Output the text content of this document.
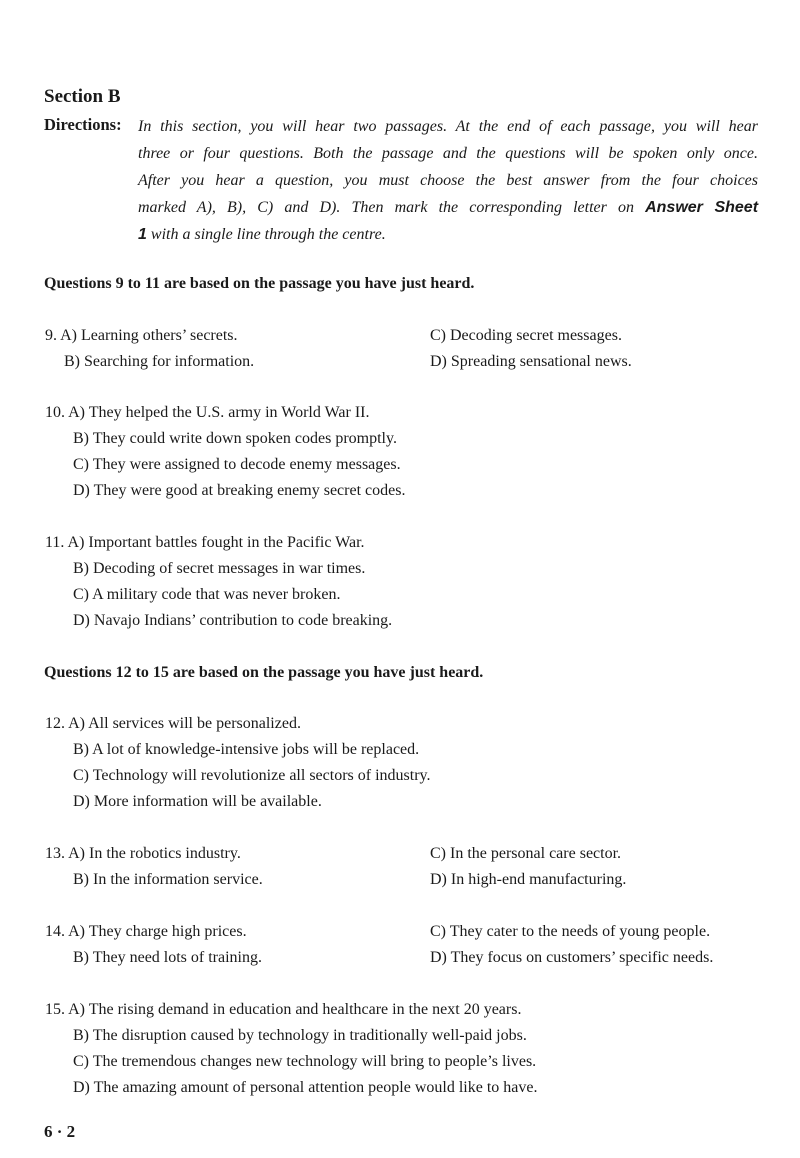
Section B
Directions: In this section, you will hear two passages. At the end of each passage, you will hear
three or four questions. Both the passage and the questions will be spoken only once.
After you hear a question, you must choose the best answer from the four choices
marked A), B), C) and D). Then mark the corresponding letter on Answer Sheet
1 with a single line through the centre.
Questions 9 to 11 are based on the passage you have just heard.
9. A) Learning others’ secrets.
B) Searching for information.
C) Decoding secret messages.
D) Spreading sensational news.
10. A) They helped the U.S. army in World War II.
B) They could write down spoken codes promptly.
C) They were assigned to decode enemy messages.
D) They were good at breaking enemy secret codes.
11. A) Important battles fought in the Pacific War.
B) Decoding of secret messages in war times.
C) A military code that was never broken.
D) Navajo Indians’ contribution to code breaking.
Questions 12 to 15 are based on the passage you have just heard.
12. A) All services will be personalized.
B) A lot of knowledge-intensive jobs will be replaced.
C) Technology will revolutionize all sectors of industry.
D) More information will be available.
13. A) In the robotics industry.
B) In the information service.
C) In the personal care sector.
D) In high-end manufacturing.
14. A) They charge high prices.
B) They need lots of training.
C) They cater to the needs of young people.
D) They focus on customers’ specific needs.
15. A) The rising demand in education and healthcare in the next 20 years.
B) The disruption caused by technology in traditionally well-paid jobs.
C) The tremendous changes new technology will bring to people’s lives.
D) The amazing amount of personal attention people would like to have.
6 · 2
